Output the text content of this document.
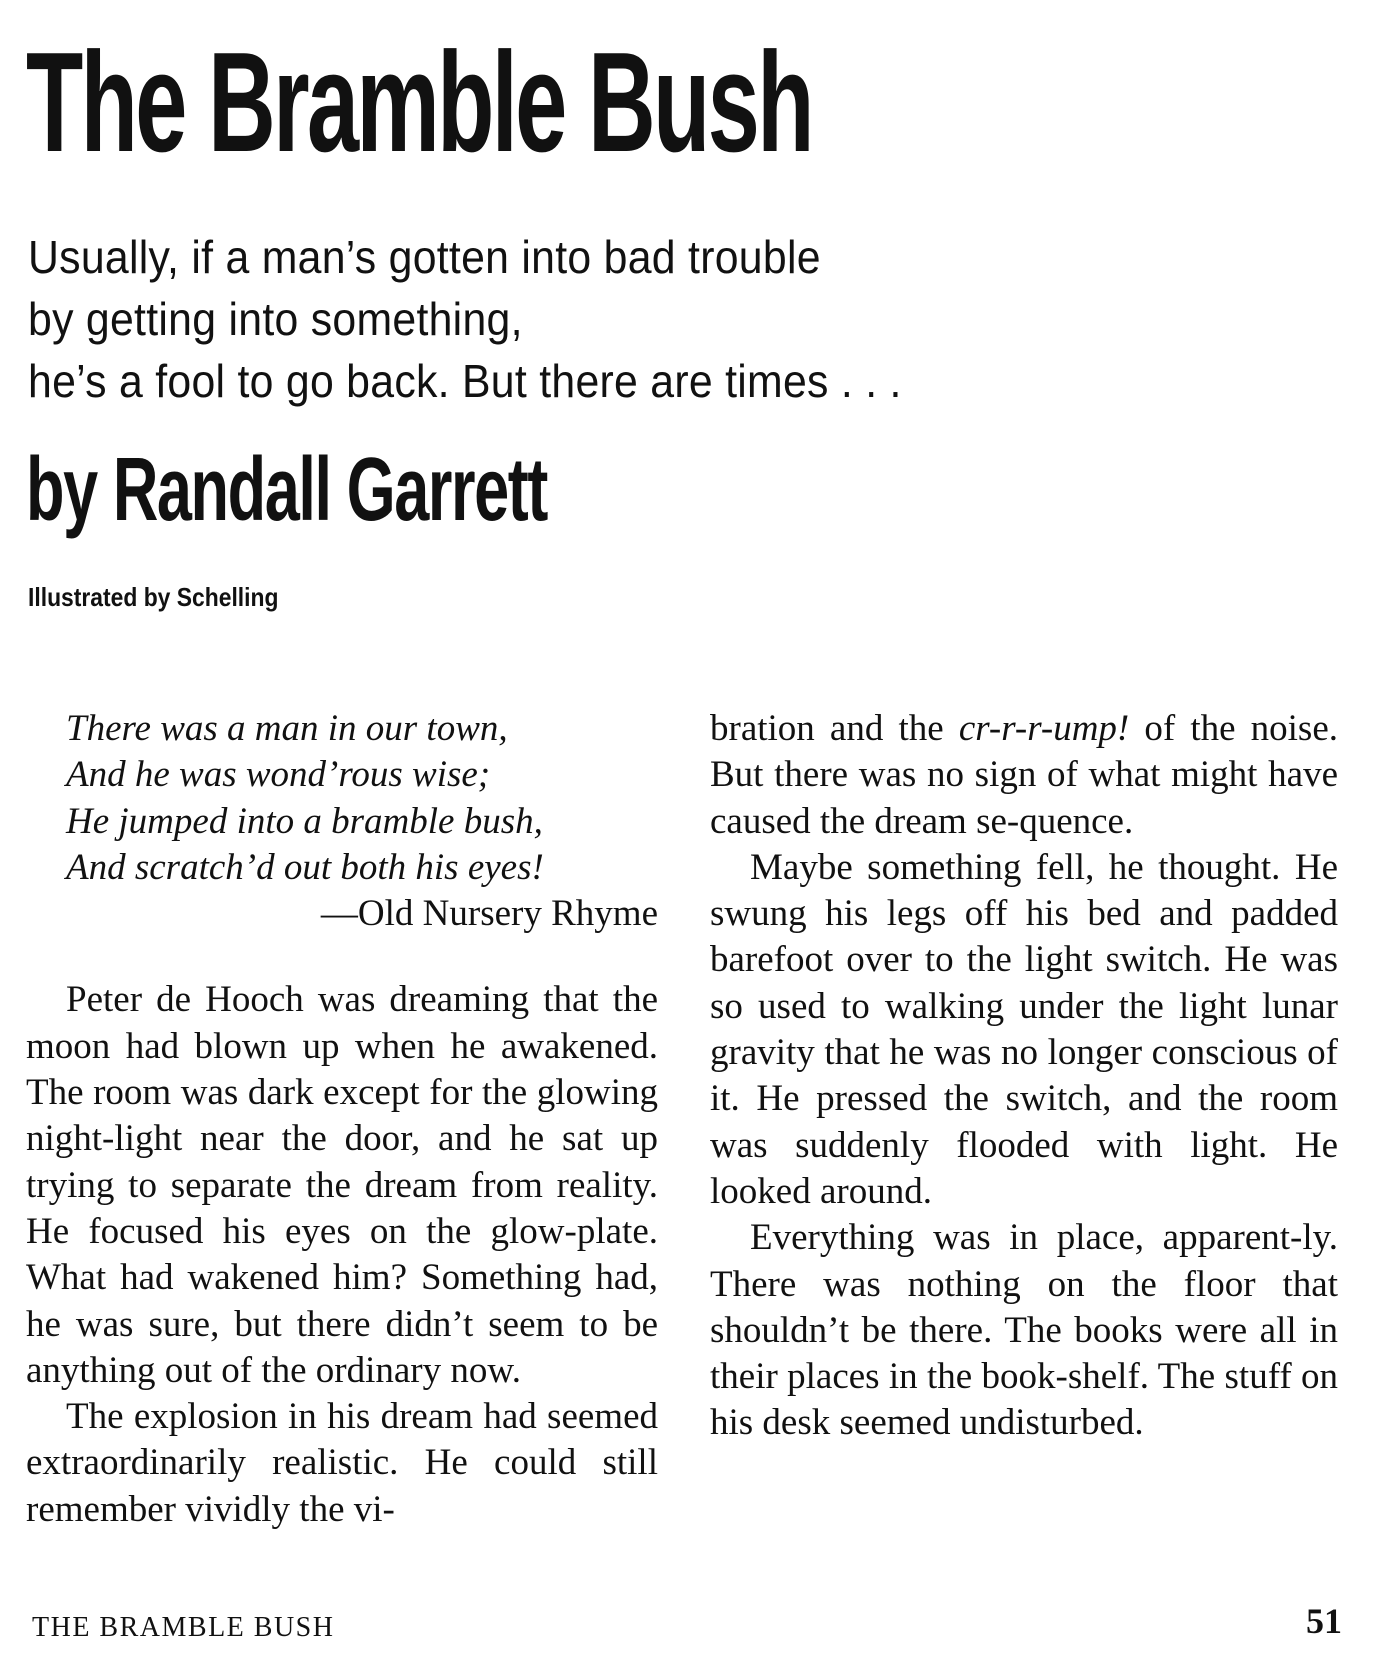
The Bramble Bush
Usually, if a man’s gotten into bad trouble
by getting into something,
he’s a fool to go back. But there are times . . .
by Randall Garrett
Illustrated by Schelling
There was a man in our town,
And he was wond’rous wise;
He jumped into a bramble bush,
And scratch’d out both his eyes!

—Old Nursery Rhyme

Peter de Hooch was dreaming that the moon had blown up when he awakened. The room was dark except for the glowing night-light near the door, and he sat up trying to separate the dream from reality. He focused his eyes on the glow-plate. What had wakened him? Something had, he was sure, but there didn’t seem to be anything out of the ordinary now.

The explosion in his dream had seemed extraordinarily realistic. He could still remember vividly the vi-

bration and the cr-r-r-ump! of the noise. But there was no sign of what might have caused the dream se-quence.

Maybe something fell, he thought. He swung his legs off his bed and padded barefoot over to the light switch. He was so used to walking under the light lunar gravity that he was no longer conscious of it. He pressed the switch, and the room was suddenly flooded with light. He looked around.

Everything was in place, apparent-ly. There was nothing on the floor that shouldn’t be there. The books were all in their places in the book-shelf. The stuff on his desk seemed undisturbed.

THE BRAMBLE BUSH	51
